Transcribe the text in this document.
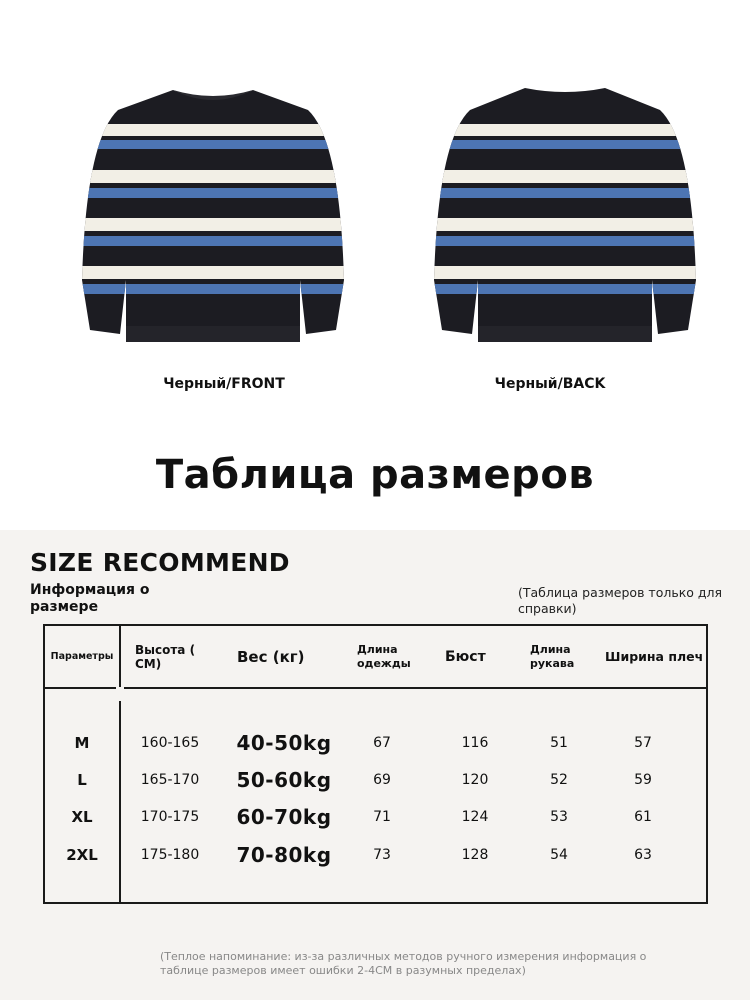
Черный/FRONT	Черный/BACK
Таблица размеров
SIZE RECOMMEND
Информация о размере
(Таблица размеров только для справки)
Параметры	Высота ( CM)	Вес (кг)	Длина одежды	Бюст	Длина рукава	Ширина плеч
M	160-165	40-50kg	67	116	51	57
L	165-170	50-60kg	69	120	52	59
XL	170-175	60-70kg	71	124	53	61
2XL	175-180	70-80kg	73	128	54	63
(Теплое напоминание: из-за различных методов ручного измерения информация о таблице размеров имеет ошибки 2-4CM в разумных пределах)
